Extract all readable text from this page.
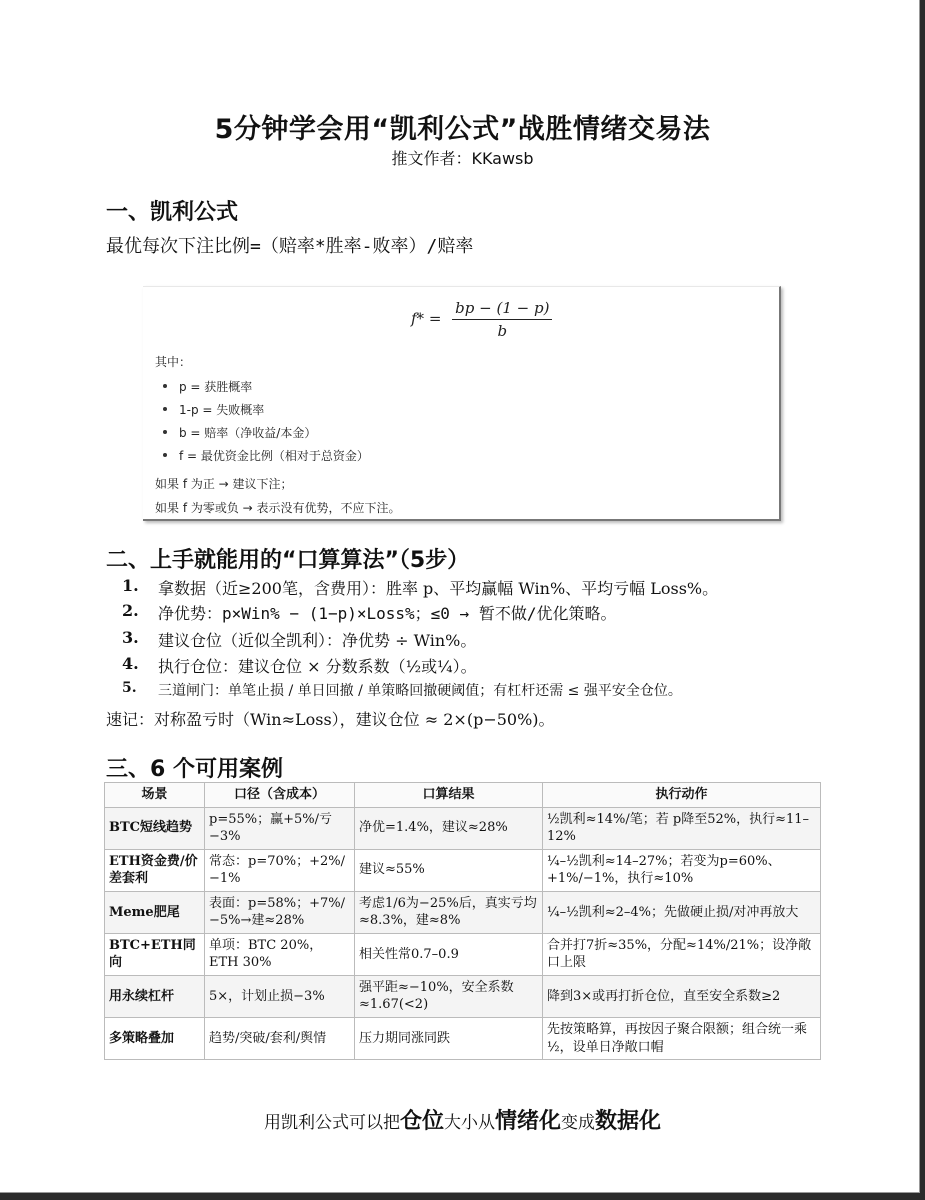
5分钟学会用“凯利公式”战胜情绪交易法
推文作者：KKawsb
一、凯利公式
最优每次下注比例=（赔率*胜率-败率）/赔率
$f* = \frac{bp - (1 - p)}{b}$
其中：
p = 获胜概率
1-p = 失败概率
b = 赔率（净收益/本金）
f = 最优资金比例（相对于总资金）
如果 f 为正 → 建议下注；
如果 f 为零或负 → 表示没有优势，不应下注。
二、上手就能用的“口算算法”（5步）
1. 拿数据（近≥200笔，含费用）：胜率 p、平均赢幅 Win%、平均亏幅 Loss%。
2. 净优势：p×Win% − (1−p)×Loss%；≤0 → 暂不做/优化策略。
3. 建议仓位（近似全凯利）：净优势 ÷ Win%。
4. 执行仓位：建议仓位 × 分数系数（½或¼）。
5. 三道闸门：单笔止损 / 单日回撤 / 单策略回撤硬阈值；有杠杆还需 ≤ 强平安全仓位。
速记：对称盈亏时（Win≈Loss），建议仓位 ≈ 2×(p−50%)。
三、6 个可用案例
场景	口径（含成本）	口算结果	执行动作
BTC短线趋势	p=55%；赢+5%/亏−3%	净优=1.4%，建议≈28%	½凯利≈14%/笔；若 p降至52%，执行≈11–12%
ETH资金费/价差套利	常态：p=70%；+2%/−1%	建议≈55%	¼–½凯利≈14–27%；若变为p=60%、+1%/−1%，执行≈10%
Meme肥尾	表面：p=58%；+7%/−5%→建≈28%	考虑1/6为−25%后，真实亏均≈8.3%，建≈8%	¼–½凯利≈2–4%；先做硬止损/对冲再放大
BTC+ETH同向	单项：BTC 20%，ETH 30%	相关性常0.7–0.9	合并打7折≈35%，分配≈14%/21%；设净敞口上限
用永续杠杆	5×，计划止损−3%	强平距≈−10%，安全系数≈1.67(<2)	降到3×或再打折仓位，直至安全系数≥2
多策略叠加	趋势/突破/套利/舆情	压力期同涨同跌	先按策略算，再按因子聚合限额；组合统一乘½，设单日净敞口帽
用凯利公式可以把仓位大小从情绪化变成数据化
